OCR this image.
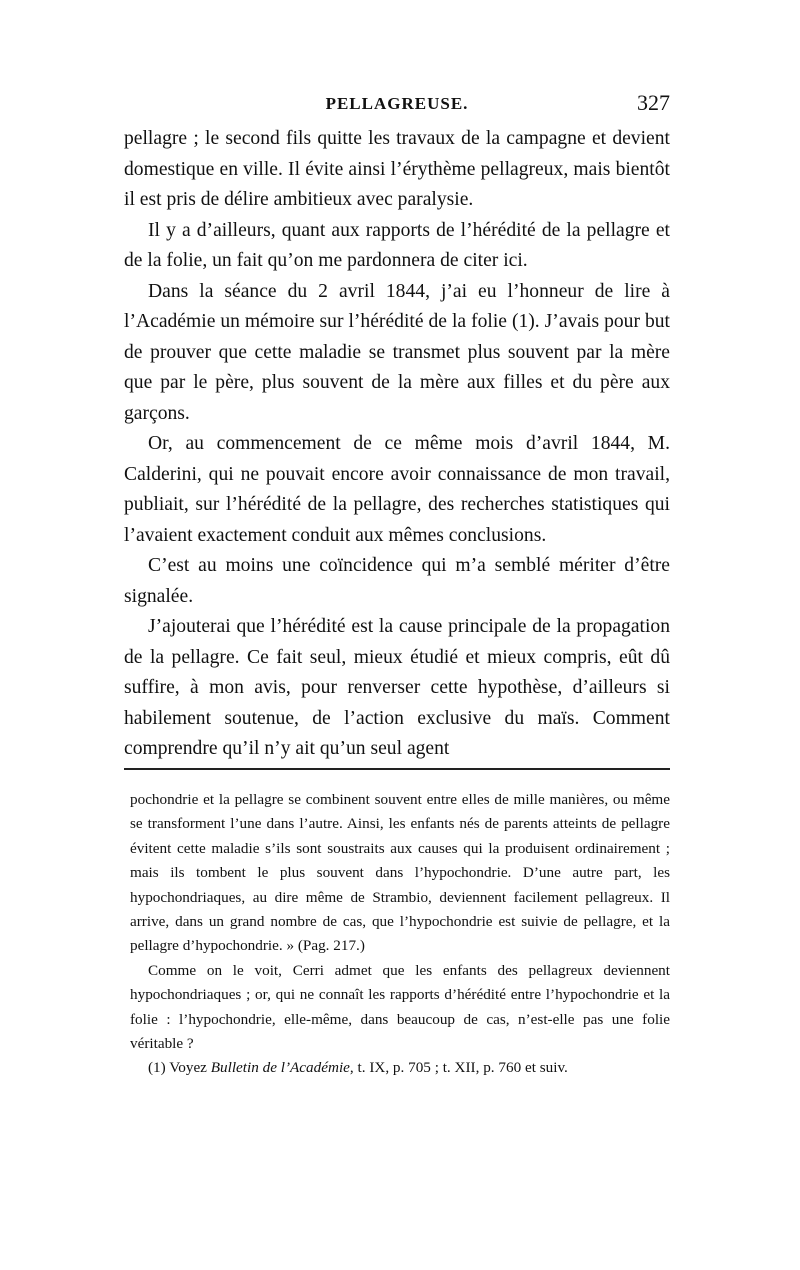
PELLAGREUSE.	327

pellagre ; le second fils quitte les travaux de la campagne et devient domestique en ville. Il évite ainsi l’érythème pellagreux, mais bientôt il est pris de délire ambitieux avec paralysie.

Il y a d’ailleurs, quant aux rapports de l’hérédité de la pellagre et de la folie, un fait qu’on me pardonnera de citer ici.

Dans la séance du 2 avril 1844, j’ai eu l’honneur de lire à l’Académie un mémoire sur l’hérédité de la folie (1). J’avais pour but de prouver que cette maladie se transmet plus souvent par la mère que par le père, plus souvent de la mère aux filles et du père aux garçons.

Or, au commencement de ce même mois d’avril 1844, M. Calderini, qui ne pouvait encore avoir connaissance de mon travail, publiait, sur l’hérédité de la pellagre, des recherches statistiques qui l’avaient exactement conduit aux mêmes conclusions.

C’est au moins une coïncidence qui m’a semblé mériter d’être signalée.

J’ajouterai que l’hérédité est la cause principale de la propagation de la pellagre. Ce fait seul, mieux étudié et mieux compris, eût dû suffire, à mon avis, pour renverser cette hypothèse, d’ailleurs si habilement soutenue, de l’action exclusive du maïs. Comment comprendre qu’il n’y ait qu’un seul agent

pochondrie et la pellagre se combinent souvent entre elles de mille manières, ou même se transforment l’une dans l’autre. Ainsi, les enfants nés de parents atteints de pellagre évitent cette maladie s’ils sont soustraits aux causes qui la produisent ordinairement ; mais ils tombent le plus souvent dans l’hypochondrie. D’une autre part, les hypochondriaques, au dire même de Strambio, deviennent facilement pellagreux. Il arrive, dans un grand nombre de cas, que l’hypochondrie est suivie de pellagre, et la pellagre d’hypochondrie. » (Pag. 217.)

Comme on le voit, Cerri admet que les enfants des pellagreux deviennent hypochondriaques ; or, qui ne connaît les rapports d’hérédité entre l’hypochondrie et la folie : l’hypochondrie, elle-même, dans beaucoup de cas, n’est-elle pas une folie véritable ?

(1) Voyez Bulletin de l’Académie, t. IX, p. 705 ; t. XII, p. 760 et suiv.
